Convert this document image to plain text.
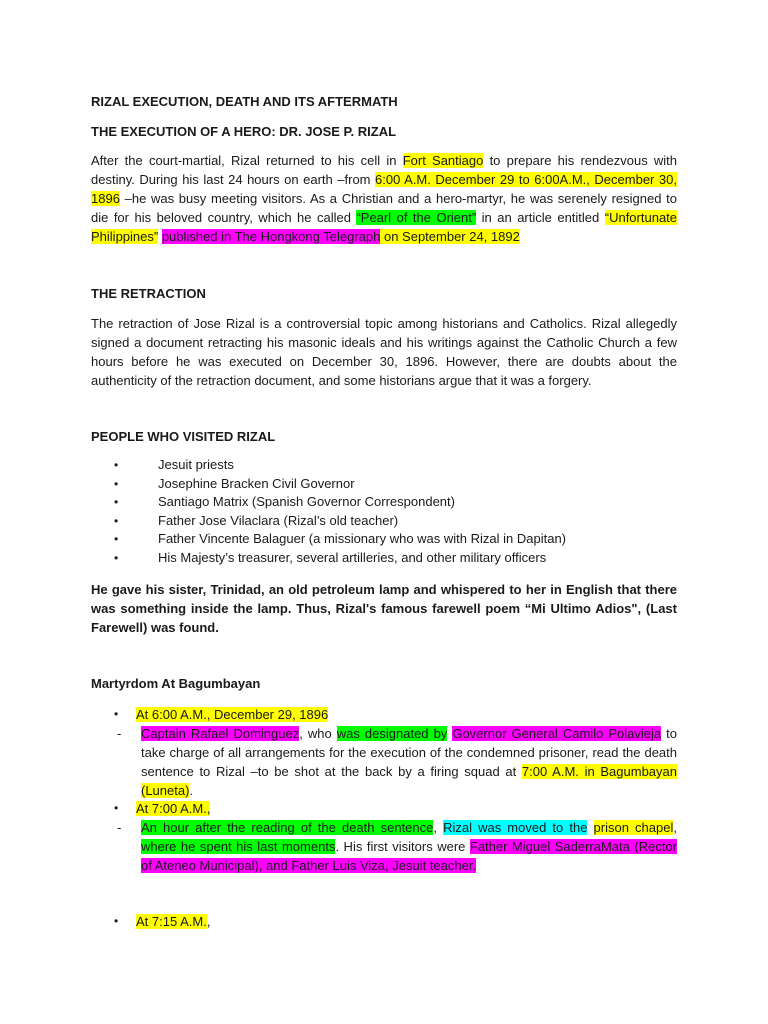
RIZAL EXECUTION, DEATH AND ITS AFTERMATH
THE EXECUTION OF A HERO: DR. JOSE P. RIZAL
After the court-martial, Rizal returned to his cell in Fort Santiago to prepare his rendezvous with destiny. During his last 24 hours on earth –from 6:00 A.M. December 29 to 6:00A.M., December 30, 1896 –he was busy meeting visitors. As a Christian and a hero-martyr, he was serenely resigned to die for his beloved country, which he called “Pearl of the Orient” in an article entitled “Unfortunate Philippines” published in The Hongkong Telegraph on September 24, 1892
THE RETRACTION
The retraction of Jose Rizal is a controversial topic among historians and Catholics. Rizal allegedly signed a document retracting his masonic ideals and his writings against the Catholic Church a few hours before he was executed on December 30, 1896. However, there are doubts about the authenticity of the retraction document, and some historians argue that it was a forgery.
PEOPLE WHO VISITED RIZAL
•	Jesuit priests
•	Josephine Bracken Civil Governor
•	Santiago Matrix (Spanish Governor Correspondent)
•	Father Jose Vilaclara (Rizal’s old teacher)
•	Father Vincente Balaguer (a missionary who was with Rizal in Dapitan)
•	His Majesty’s treasurer, several artilleries, and other military officers
He gave his sister, Trinidad, an old petroleum lamp and whispered to her in English that there was something inside the lamp. Thus, Rizal's famous farewell poem “Mi Ultimo Adios", (Last Farewell) was found.
Martyrdom At Bagumbayan
• At 6:00 A.M., December 29, 1896
- Captain Rafael Dominguez, who was designated by Governor General Camilo Polavieja to take charge of all arrangements for the execution of the condemned prisoner, read the death sentence to Rizal –to be shot at the back by a firing squad at 7:00 A.M. in Bagumbayan (Luneta).
• At 7:00 A.M.,
- An hour after the reading of the death sentence, Rizal was moved to the prison chapel, where he spent his last moments. His first visitors were Father Miguel SaderraMata (Rector of Ateneo Municipal), and Father Luis Viza, Jesuit teacher.
• At 7:15 A.M.,
